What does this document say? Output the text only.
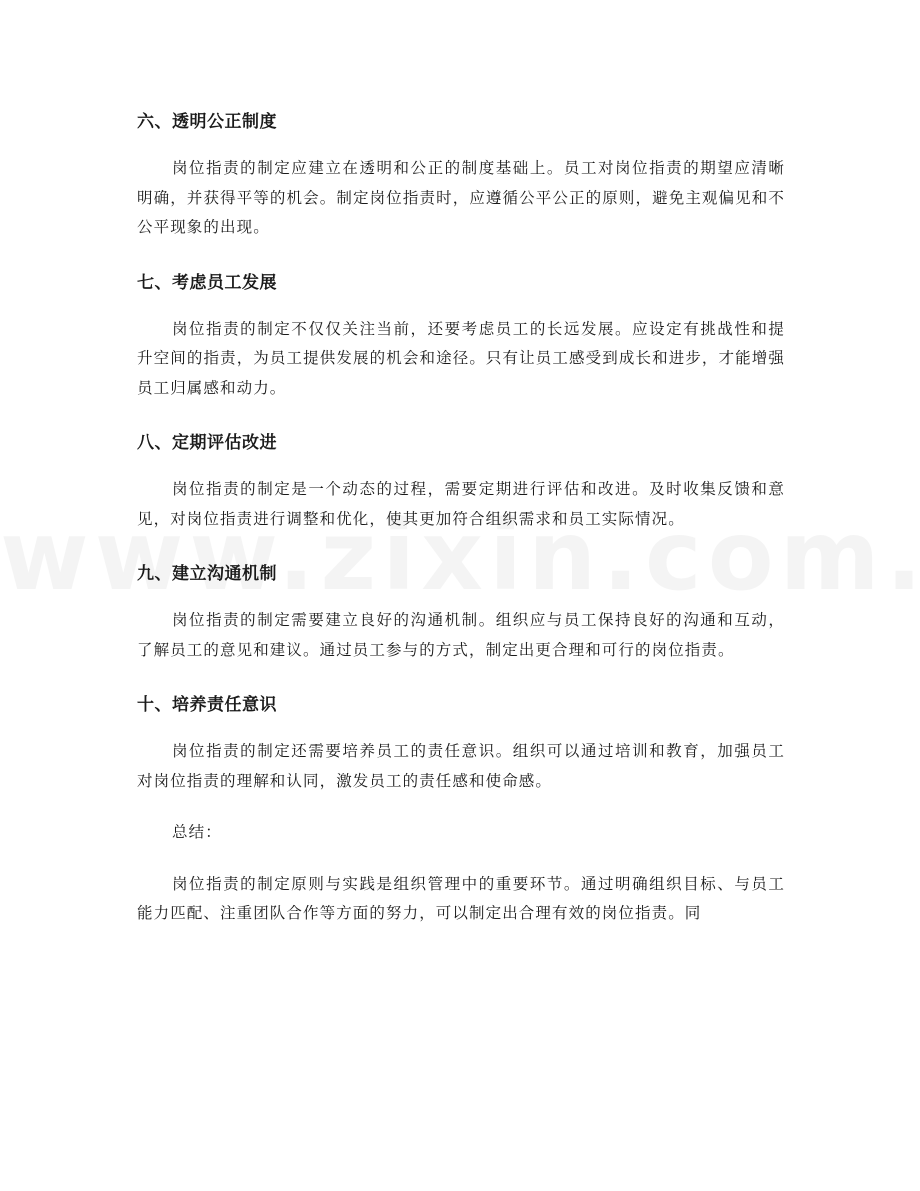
六、透明公正制度

岗位指责的制定应建立在透明和公正的制度基础上。员工对岗位指责的期望应清晰明确，并获得平等的机会。制定岗位指责时，应遵循公平公正的原则，避免主观偏见和不公平现象的出现。

七、考虑员工发展

岗位指责的制定不仅仅关注当前，还要考虑员工的长远发展。应设定有挑战性和提升空间的指责，为员工提供发展的机会和途径。只有让员工感受到成长和进步，才能增强员工归属感和动力。

八、定期评估改进

岗位指责的制定是一个动态的过程，需要定期进行评估和改进。及时收集反馈和意见，对岗位指责进行调整和优化，使其更加符合组织需求和员工实际情况。

九、建立沟通机制

岗位指责的制定需要建立良好的沟通机制。组织应与员工保持良好的沟通和互动，了解员工的意见和建议。通过员工参与的方式，制定出更合理和可行的岗位指责。

十、培养责任意识

岗位指责的制定还需要培养员工的责任意识。组织可以通过培训和教育，加强员工对岗位指责的理解和认同，激发员工的责任感和使命感。

总结：

岗位指责的制定原则与实践是组织管理中的重要环节。通过明确组织目标、与员工能力匹配、注重团队合作等方面的努力，可以制定出合理有效的岗位指责。同
